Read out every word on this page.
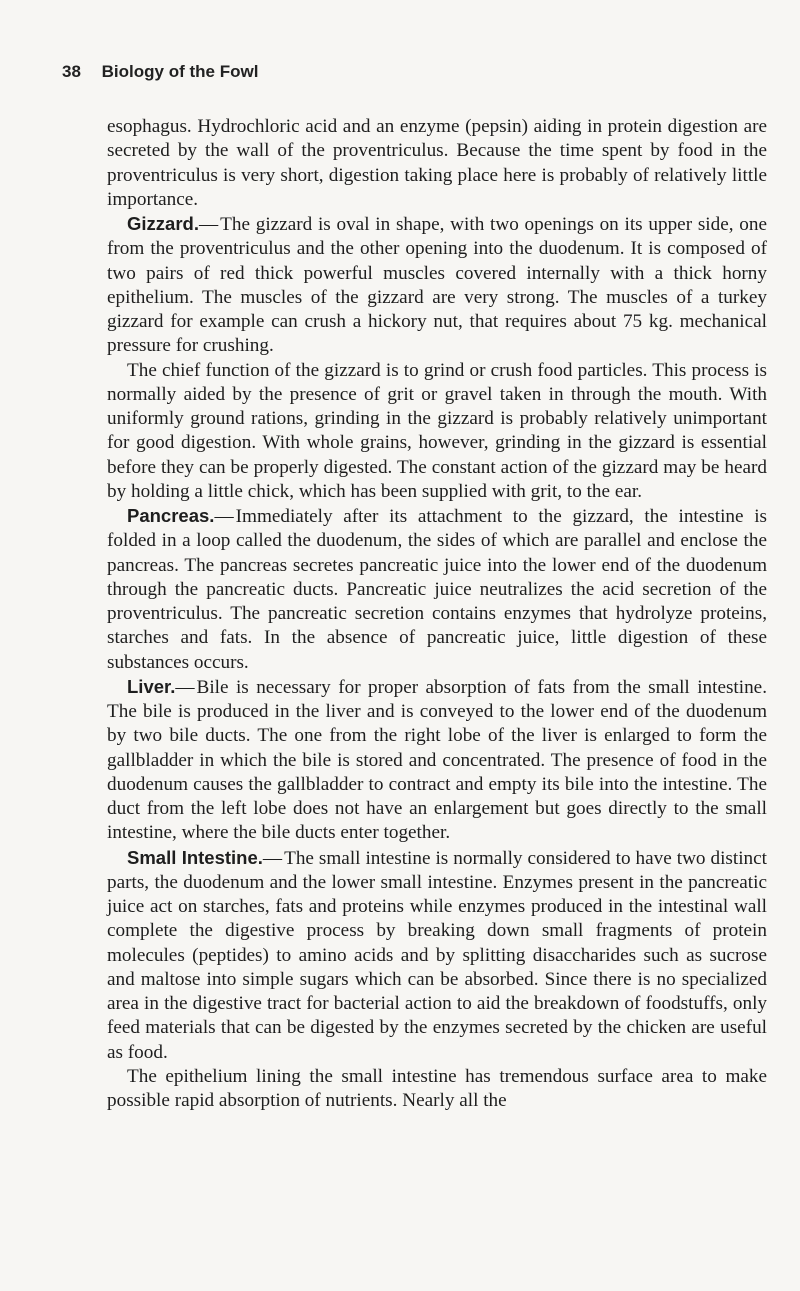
38 Biology of the Fowl

esophagus. Hydrochloric acid and an enzyme (pepsin) aiding in protein digestion are secreted by the wall of the proventriculus. Because the time spent by food in the proventriculus is very short, digestion taking place here is probably of relatively little importance.

Gizzard.— The gizzard is oval in shape, with two openings on its upper side, one from the proventriculus and the other opening into the duodenum. It is composed of two pairs of red thick powerful muscles covered internally with a thick horny epithelium. The muscles of the gizzard are very strong. The muscles of a turkey gizzard for example can crush a hickory nut, that requires about 75 kg. mechanical pressure for crushing.

The chief function of the gizzard is to grind or crush food particles. This process is normally aided by the presence of grit or gravel taken in through the mouth. With uniformly ground rations, grinding in the gizzard is probably relatively unimportant for good digestion. With whole grains, however, grinding in the gizzard is essential before they can be properly digested. The constant action of the gizzard may be heard by holding a little chick, which has been supplied with grit, to the ear.

Pancreas.— Immediately after its attachment to the gizzard, the intestine is folded in a loop called the duodenum, the sides of which are parallel and enclose the pancreas. The pancreas secretes pancreatic juice into the lower end of the duodenum through the pancreatic ducts. Pancreatic juice neutralizes the acid secretion of the proventriculus. The pancreatic secretion contains enzymes that hydrolyze proteins, starches and fats. In the absence of pancreatic juice, little digestion of these substances occurs.

Liver.— Bile is necessary for proper absorption of fats from the small intestine. The bile is produced in the liver and is conveyed to the lower end of the duodenum by two bile ducts. The one from the right lobe of the liver is enlarged to form the gallbladder in which the bile is stored and concentrated. The presence of food in the duodenum causes the gallbladder to contract and empty its bile into the intestine. The duct from the left lobe does not have an enlargement but goes directly to the small intestine, where the bile ducts enter together.

Small Intestine.— The small intestine is normally considered to have two distinct parts, the duodenum and the lower small intestine. Enzymes present in the pancreatic juice act on starches, fats and proteins while enzymes produced in the intestinal wall complete the digestive process by breaking down small fragments of protein molecules (peptides) to amino acids and by splitting disaccharides such as sucrose and maltose into simple sugars which can be absorbed. Since there is no specialized area in the digestive tract for bacterial action to aid the breakdown of foodstuffs, only feed materials that can be digested by the enzymes secreted by the chicken are useful as food.

The epithelium lining the small intestine has tremendous surface area to make possible rapid absorption of nutrients. Nearly all the
